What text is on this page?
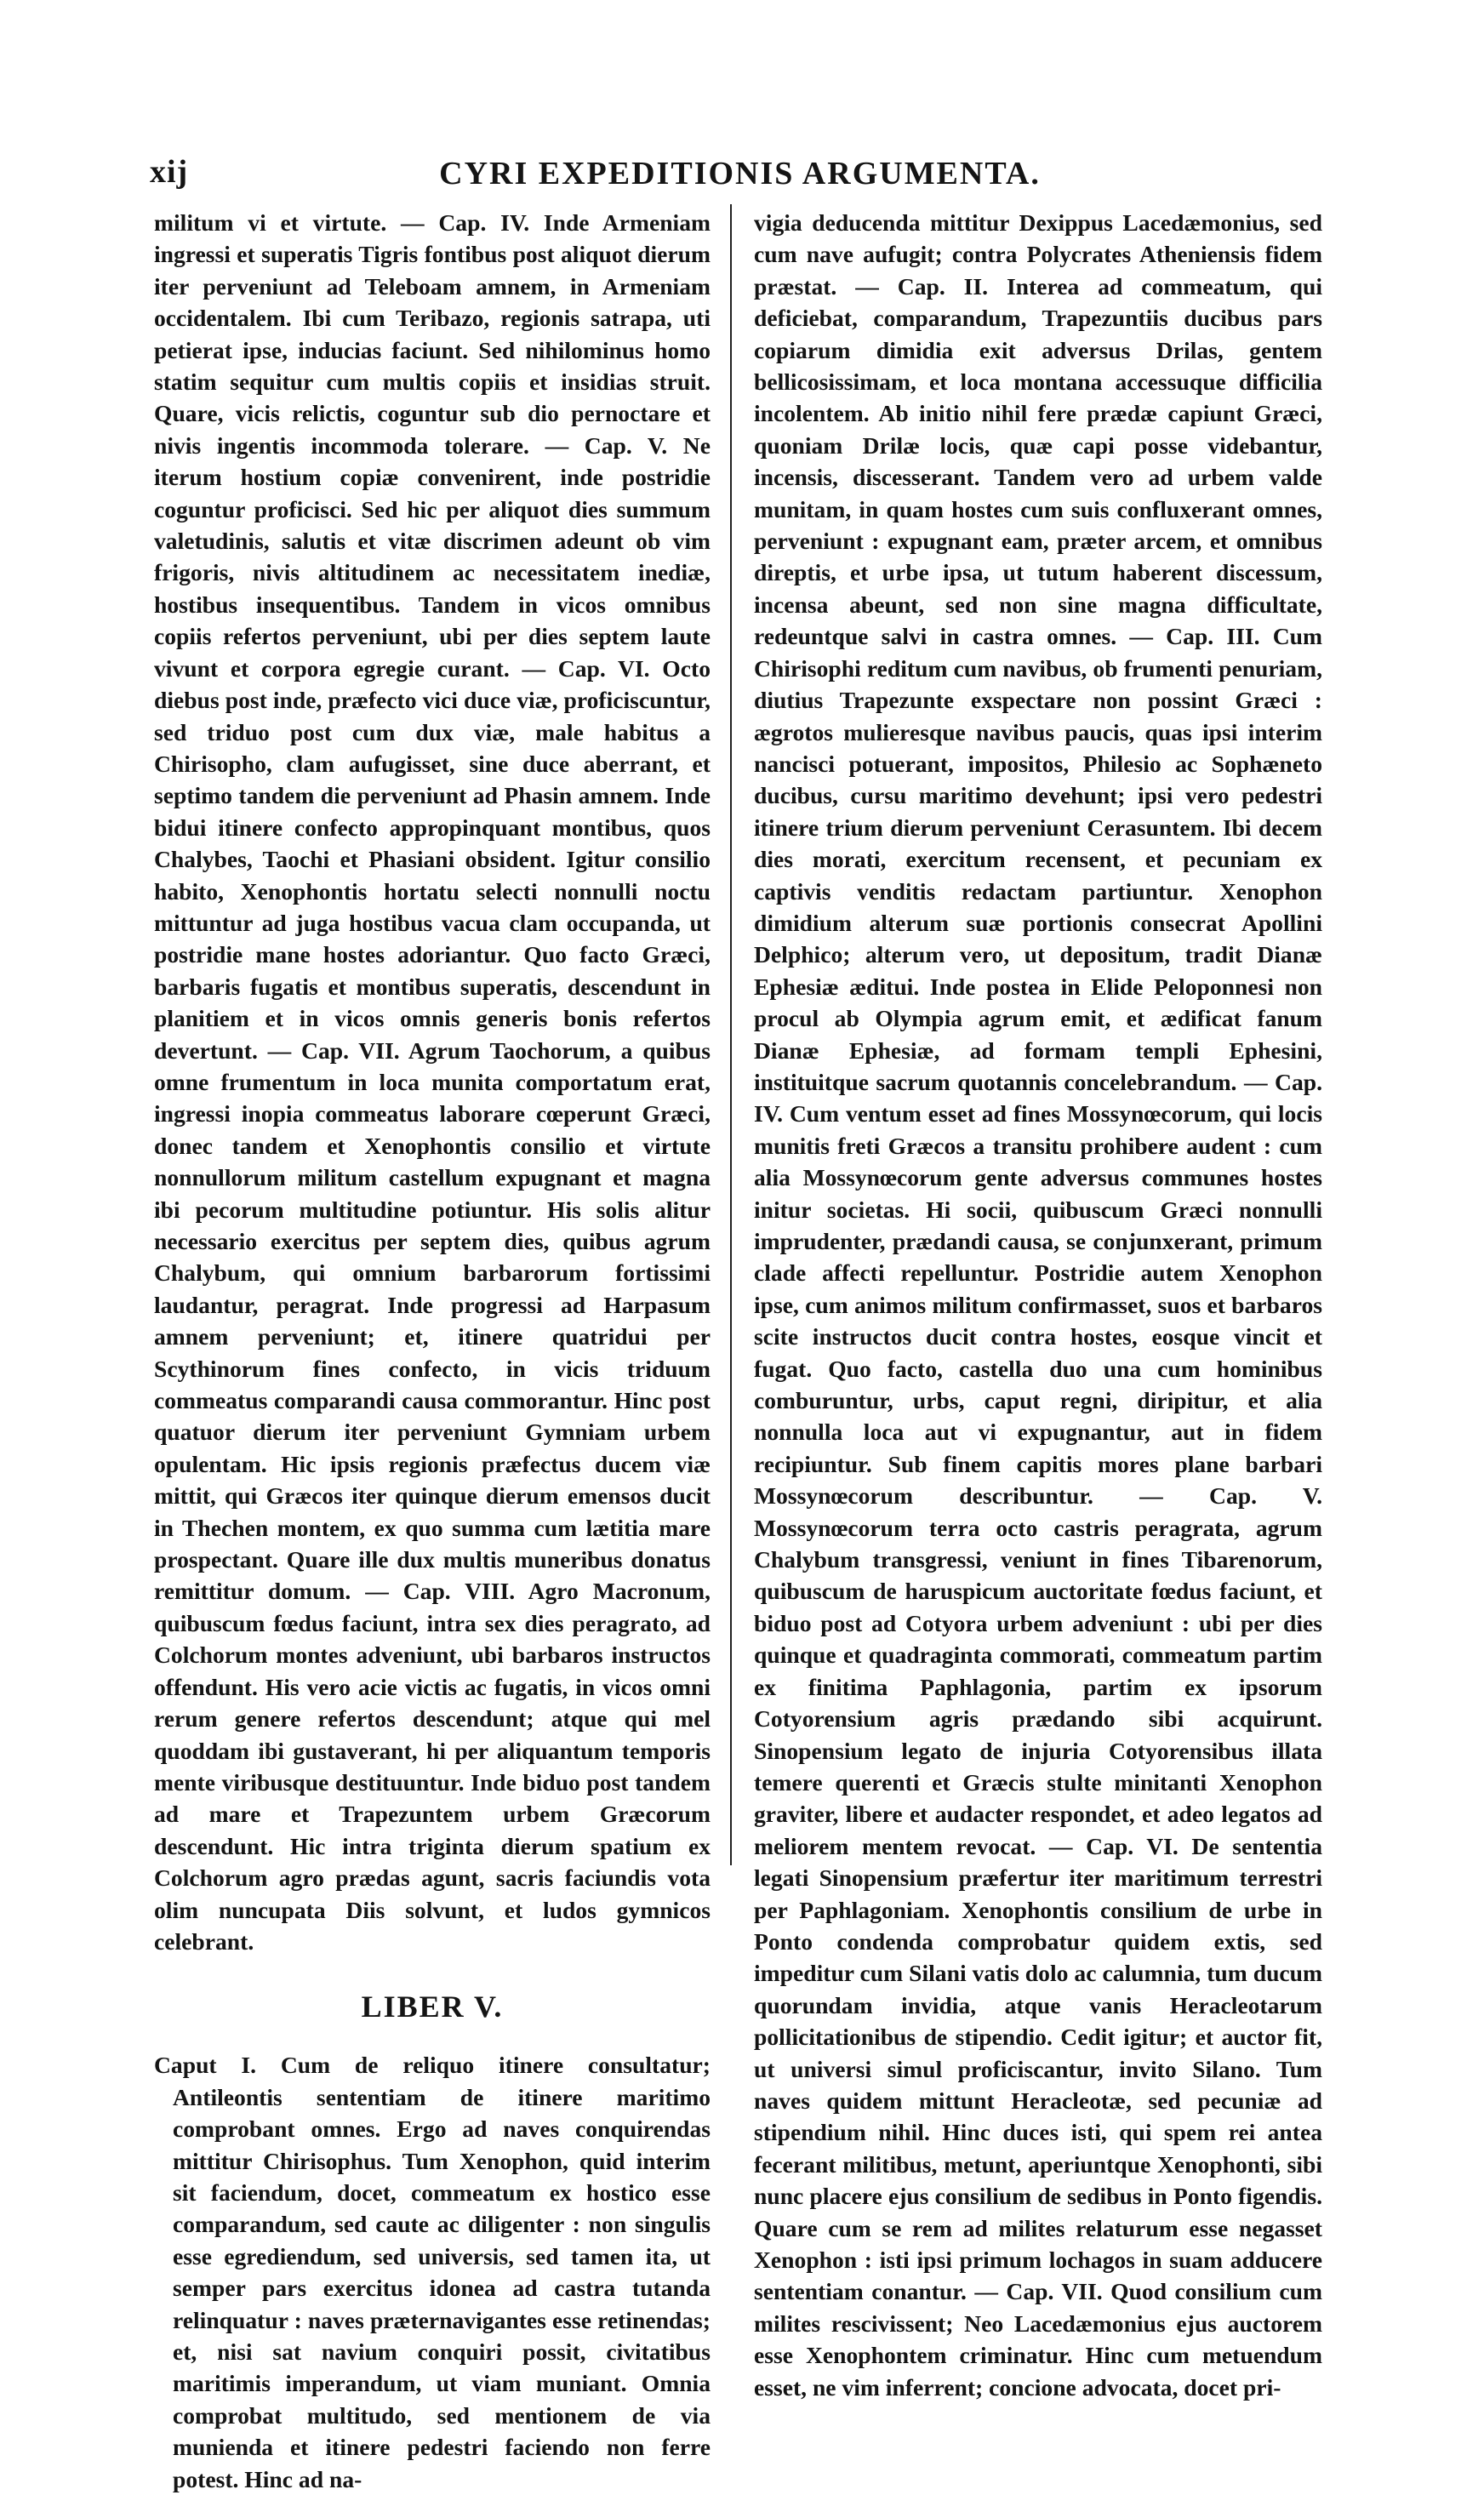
xij	CYRI EXPEDITIONIS ARGUMENTA.

militum vi et virtute. — Cap. IV. Inde Armeniam ingressi et superatis Tigris fontibus post aliquot dierum iter perveniunt ad Teleboam amnem, in Armeniam occidentalem. Ibi cum Teribazo, regionis satrapa, uti petierat ipse, inducias faciunt. Sed nihilominus homo statim sequitur cum multis copiis et insidias struit. Quare, vicis relictis, coguntur sub dio pernoctare et nivis ingentis incommoda tolerare. — Cap. V. Ne iterum hostium copiæ convenirent, inde postridie coguntur proficisci. Sed hic per aliquot dies summum valetudinis, salutis et vitæ discrimen adeunt ob vim frigoris, nivis altitudinem ac necessitatem inediæ, hostibus insequentibus. Tandem in vicos omnibus copiis refertos perveniunt, ubi per dies septem laute vivunt et corpora egregie curant. — Cap. VI. Octo diebus post inde, præfecto vici duce viæ, proficiscuntur, sed triduo post cum dux viæ, male habitus a Chirisopho, clam aufugisset, sine duce aberrant, et septimo tandem die perveniunt ad Phasin amnem. Inde bidui itinere confecto appropinquant montibus, quos Chalybes, Taochi et Phasiani obsident. Igitur consilio habito, Xenophontis hortatu selecti nonnulli noctu mittuntur ad juga hostibus vacua clam occupanda, ut postridie mane hostes adoriantur. Quo facto Græci, barbaris fugatis et montibus superatis, descendunt in planitiem et in vicos omnis generis bonis refertos devertunt. — Cap. VII. Agrum Taochorum, a quibus omne frumentum in loca munita comportatum erat, ingressi inopia commeatus laborare cœperunt Græci, donec tandem et Xenophontis consilio et virtute nonnullorum militum castellum expugnant et magna ibi pecorum multitudine potiuntur. His solis alitur necessario exercitus per septem dies, quibus agrum Chalybum, qui omnium barbarorum fortissimi laudantur, peragrat. Inde progressi ad Harpasum amnem perveniunt; et, itinere quatridui per Scythinorum fines confecto, in vicis triduum commeatus comparandi causa commorantur. Hinc post quatuor dierum iter perveniunt Gymniam urbem opulentam. Hic ipsis regionis præfectus ducem viæ mittit, qui Græcos iter quinque dierum emensos ducit in Thechen montem, ex quo summa cum lætitia mare prospectant. Quare ille dux multis muneribus donatus remittitur domum. — Cap. VIII. Agro Macronum, quibuscum fœdus faciunt, intra sex dies peragrato, ad Colchorum montes adveniunt, ubi barbaros instructos offendunt. His vero acie victis ac fugatis, in vicos omni rerum genere refertos descendunt; atque qui mel quoddam ibi gustaverant, hi per aliquantum temporis mente viribusque destituuntur. Inde biduo post tandem ad mare et Trapezuntem urbem Græcorum descendunt. Hic intra triginta dierum spatium ex Colchorum agro prædas agunt, sacris faciundis vota olim nuncupata Diis solvunt, et ludos gymnicos celebrant.

LIBER V.

Caput I. Cum de reliquo itinere consultatur; Antileontis sententiam de itinere maritimo comprobant omnes. Ergo ad naves conquirendas mittitur Chirisophus. Tum Xenophon, quid interim sit faciendum, docet, commeatum ex hostico esse comparandum, sed caute ac diligenter : non singulis esse egrediendum, sed universis, sed tamen ita, ut semper pars exercitus idonea ad castra tutanda relinquatur : naves præternavigantes esse retinendas; et, nisi sat navium conquiri possit, civitatibus maritimis imperandum, ut viam muniant. Omnia comprobat multitudo, sed mentionem de via munienda et itinere pedestri faciendo non ferre potest. Hinc ad na-

vigia deducenda mittitur Dexippus Lacedæmonius, sed cum nave aufugit; contra Polycrates Atheniensis fidem præstat. — Cap. II. Interea ad commeatum, qui deficiebat, comparandum, Trapezuntiis ducibus pars copiarum dimidia exit adversus Drilas, gentem bellicosissimam, et loca montana accessuque difficilia incolentem. Ab initio nihil fere prædæ capiunt Græci, quoniam Drilæ locis, quæ capi posse videbantur, incensis, discesserant. Tandem vero ad urbem valde munitam, in quam hostes cum suis confluxerant omnes, perveniunt : expugnant eam, præter arcem, et omnibus direptis, et urbe ipsa, ut tutum haberent discessum, incensa abeunt, sed non sine magna difficultate, redeuntque salvi in castra omnes. — Cap. III. Cum Chirisophi reditum cum navibus, ob frumenti penuriam, diutius Trapezunte exspectare non possint Græci : ægrotos mulieresque navibus paucis, quas ipsi interim nancisci potuerant, impositos, Philesio ac Sophæneto ducibus, cursu maritimo devehunt; ipsi vero pedestri itinere trium dierum perveniunt Cerasuntem. Ibi decem dies morati, exercitum recensent, et pecuniam ex captivis venditis redactam partiuntur. Xenophon dimidium alterum suæ portionis consecrat Apollini Delphico; alterum vero, ut depositum, tradit Dianæ Ephesiæ æditui. Inde postea in Elide Peloponnesi non procul ab Olympia agrum emit, et ædificat fanum Dianæ Ephesiæ, ad formam templi Ephesini, instituitque sacrum quotannis concelebrandum. — Cap. IV. Cum ventum esset ad fines Mossynœcorum, qui locis munitis freti Græcos a transitu prohibere audent : cum alia Mossynœcorum gente adversus communes hostes initur societas. Hi socii, quibuscum Græci nonnulli imprudenter, prædandi causa, se conjunxerant, primum clade affecti repelluntur. Postridie autem Xenophon ipse, cum animos militum confirmasset, suos et barbaros scite instructos ducit contra hostes, eosque vincit et fugat. Quo facto, castella duo una cum hominibus comburuntur, urbs, caput regni, diripitur, et alia nonnulla loca aut vi expugnantur, aut in fidem recipiuntur. Sub finem capitis mores plane barbari Mossynœcorum describuntur. — Cap. V. Mossynœcorum terra octo castris peragrata, agrum Chalybum transgressi, veniunt in fines Tibarenorum, quibuscum de haruspicum auctoritate fœdus faciunt, et biduo post ad Cotyora urbem adveniunt : ubi per dies quinque et quadraginta commorati, commeatum partim ex finitima Paphlagonia, partim ex ipsorum Cotyorensium agris prædando sibi acquirunt. Sinopensium legato de injuria Cotyorensibus illata temere querenti et Græcis stulte minitanti Xenophon graviter, libere et audacter respondet, et adeo legatos ad meliorem mentem revocat. — Cap. VI. De sententia legati Sinopensium præfertur iter maritimum terrestri per Paphlagoniam. Xenophontis consilium de urbe in Ponto condenda comprobatur quidem extis, sed impeditur cum Silani vatis dolo ac calumnia, tum ducum quorundam invidia, atque vanis Heracleotarum pollicitationibus de stipendio. Cedit igitur; et auctor fit, ut universi simul proficiscantur, invito Silano. Tum naves quidem mittunt Heracleotæ, sed pecuniæ ad stipendium nihil. Hinc duces isti, qui spem rei antea fecerant militibus, metunt, aperiuntque Xenophonti, sibi nunc placere ejus consilium de sedibus in Ponto figendis. Quare cum se rem ad milites relaturum esse negasset Xenophon : isti ipsi primum lochagos in suam adducere sententiam conantur. — Cap. VII. Quod consilium cum milites rescivissent; Neo Lacedæmonius ejus auctorem esse Xenophontem criminatur. Hinc cum metuendum esset, ne vim inferrent; concione advocata, docet pri-
